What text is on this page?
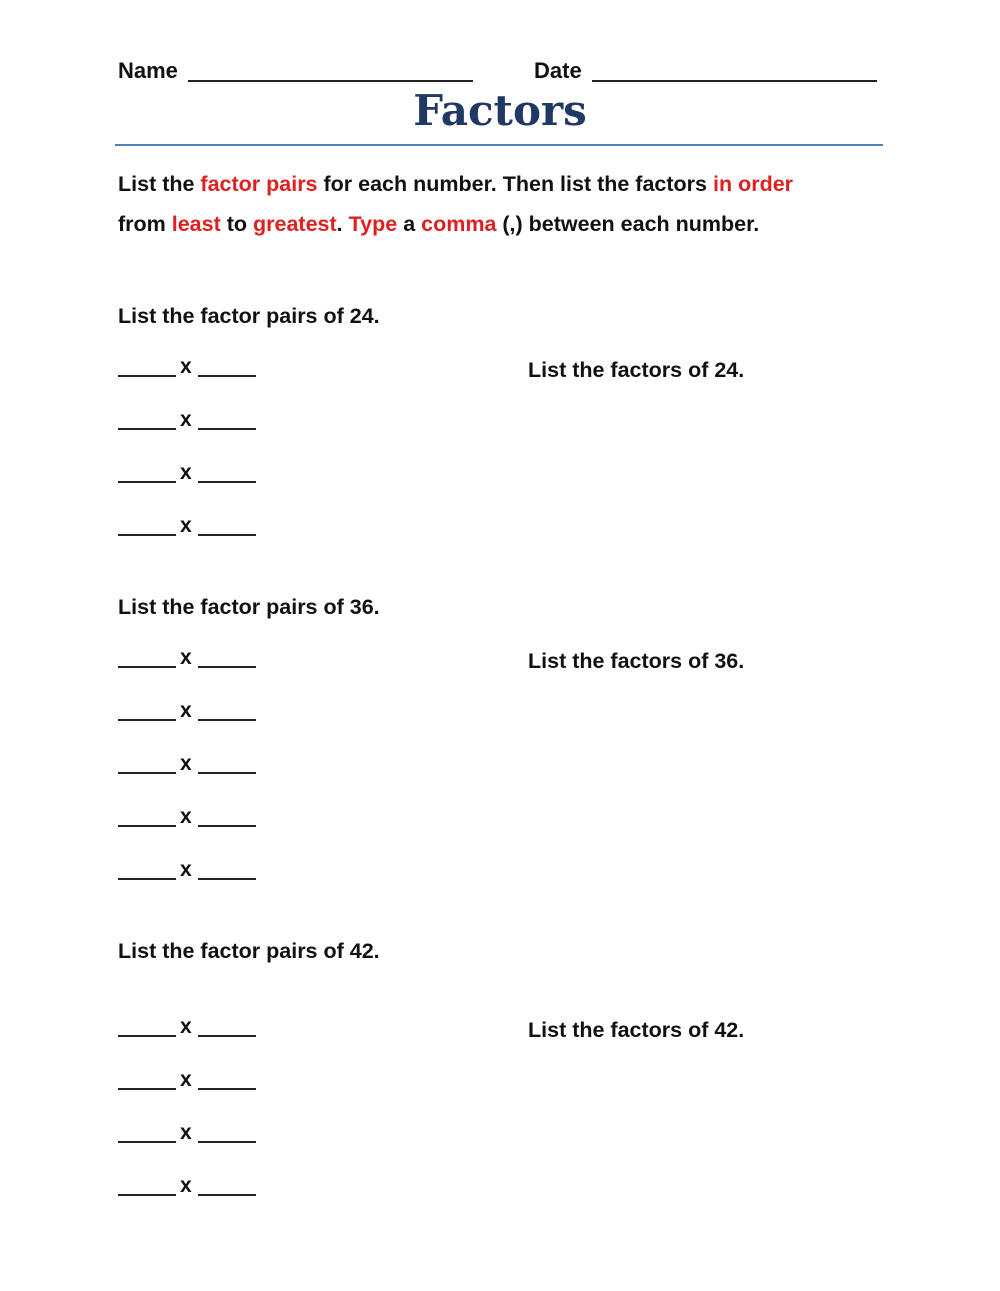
Name	Date
Factors
List the factor pairs for each number. Then list the factors in order
from least to greatest. Type a comma (,) between each number.
List the factor pairs of 24.
List the factors of 24.
x
x
x
x
List the factor pairs of 36.
List the factors of 36.
x
x
x
x
x
List the factor pairs of 42.
List the factors of 42.
x
x
x
x
